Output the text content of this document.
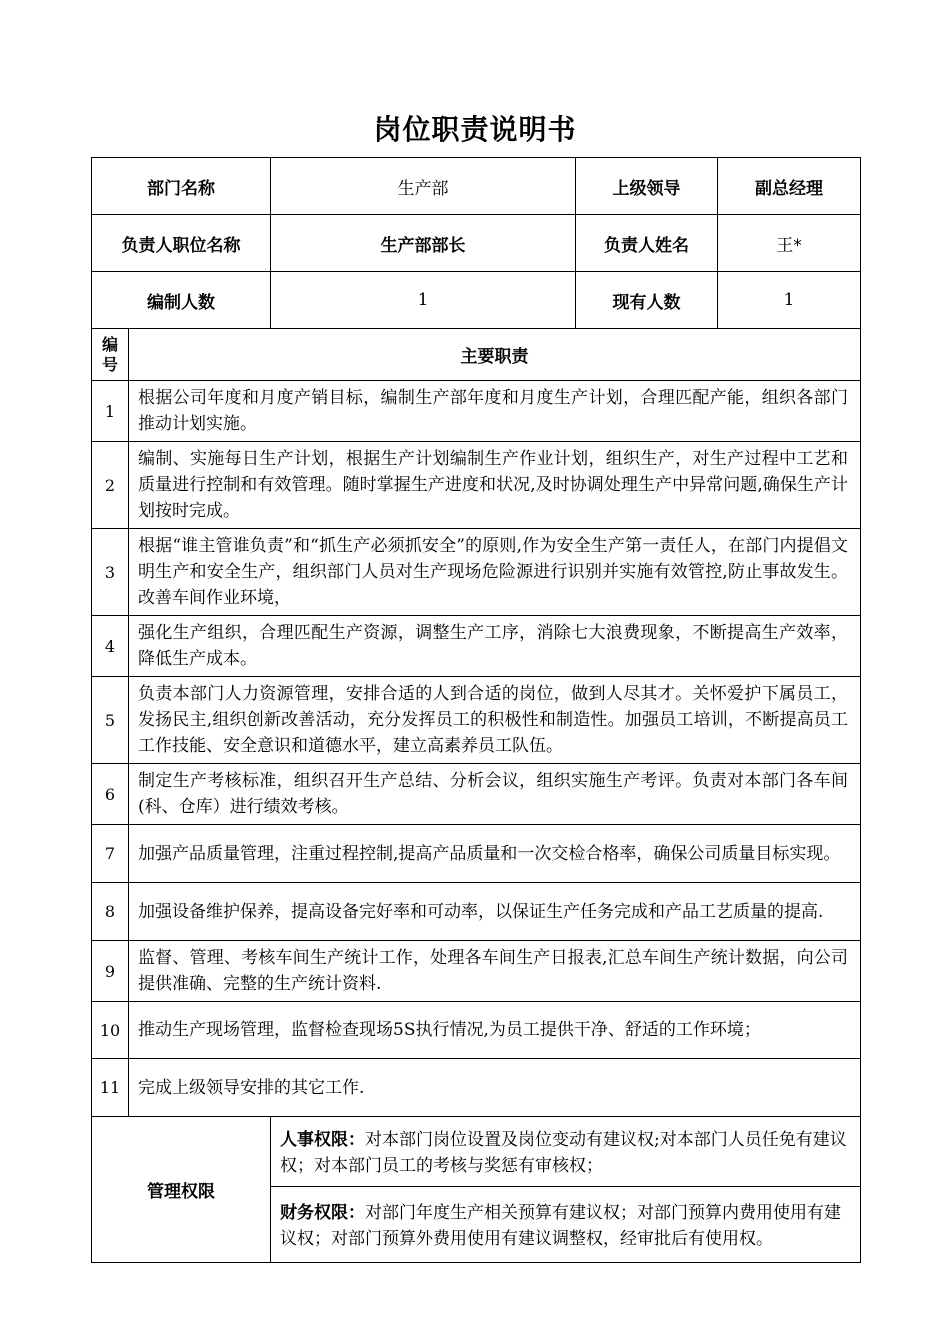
岗位职责说明书
部门名称		生产部	上级领导	副总经理
负责人职位名称		生产部部长	负责人姓名	王*
编制人数		1	现有人数	1
编号	主要职责			
1	根据公司年度和月度产销目标，编制生产部年度和月度生产计划，合理匹配产能，组织各部门推动计划实施。			
2	编制、实施每日生产计划，根据生产计划编制生产作业计划，组织生产，对生产过程中工艺和质量进行控制和有效管理。随时掌握生产进度和状况,及时协调处理生产中异常问题,确保生产计划按时完成。			
3	根据“谁主管谁负责”和“抓生产必须抓安全”的原则,作为安全生产第一责任人，在部门内提倡文明生产和安全生产，组织部门人员对生产现场危险源进行识别并实施有效管控,防止事故发生。改善车间作业环境，			
4	强化生产组织，合理匹配生产资源，调整生产工序，消除七大浪费现象，不断提高生产效率，降低生产成本。			
5	负责本部门人力资源管理，安排合适的人到合适的岗位，做到人尽其才。关怀爱护下属员工，发扬民主,组织创新改善活动，充分发挥员工的积极性和制造性。加强员工培训，不断提高员工工作技能、安全意识和道德水平，建立高素养员工队伍。			
6	制定生产考核标准，组织召开生产总结、分析会议，组织实施生产考评。负责对本部门各车间(科、仓库）进行绩效考核。			
7	加强产品质量管理，注重过程控制,提高产品质量和一次交检合格率，确保公司质量目标实现。			
8	加强设备维护保养，提高设备完好率和可动率，以保证生产任务完成和产品工艺质量的提高.			
9	监督、管理、考核车间生产统计工作，处理各车间生产日报表,汇总车间生产统计数据，向公司提供准确、完整的生产统计资料.			
10	推动生产现场管理，监督检查现场5S执行情况,为员工提供干净、舒适的工作环境；			
11	完成上级领导安排的其它工作.			
管理权限		人事权限：对本部门岗位设置及岗位变动有建议权;对本部门人员任免有建议权；对本部门员工的考核与奖惩有审核权；		
		财务权限：对部门年度生产相关预算有建议权；对部门预算内费用使用有建议权；对部门预算外费用使用有建议调整权，经审批后有使用权。		
